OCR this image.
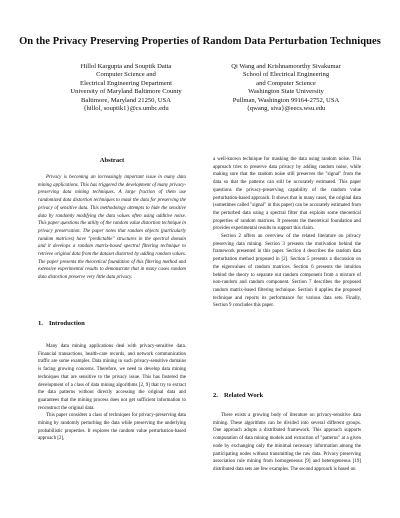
On the Privacy Preserving Properties of Random Data Perturbation Techniques
Hillol Kargupta and Souptik Datta
Computer Science and
Electrical Engineering Department
University of Maryland Baltimore County
Baltimore, Maryland 21250, USA
{hillol, souptik1}@cs.umbc.edu
Qi Wang and Krishnamoorthy Sivakumar
School of Electrical Engineering
and Computer Science
Washington State University
Pullman, Washington 99164-2752, USA
{qwang, siva}@eecs.wsu.edu
Abstract

Privacy is becoming an increasingly important issue in many data mining applications. This has triggered the development of many privacy-preserving data mining techniques. A large fraction of them use randomized data distortion techniques to mask the data for preserving the privacy of sensitive data. This methodology attempts to hide the sensitive data by randomly modifying the data values often using additive noise. This paper questions the utility of the random value distortion technique in privacy preservation. The paper notes that random objects (particularly random matrices) have "predictable" structures in the spectral domain and it develops a random matrix-based spectral filtering technique to retrieve original data from the dataset distorted by adding random values. The paper presents the theoretical foundation of this filtering method and extensive experimental results to demonstrate that in many cases random data distortion preserve very little data privacy.

1. Introduction

Many data mining applications deal with privacy-sensitive data. Financial transactions, health-care records, and network communication traffic are some examples. Data mining in such privacy-sensitive domains is facing growing concerns. Therefore, we need to develop data mining techniques that are sensitive to the privacy issue. This has fostered the development of a class of data mining algorithms [2, 9] that try to extract the data patterns without directly accessing the original data and guarantees that the mining process does not get sufficient information to reconstruct the original data.

This paper considers a class of techniques for privacy-preserving data mining by randomly perturbing the data while preserving the underlying probabilistic properties. It explores the random value perturbation-based approach [2],

a well-known technique for masking the data using random noise. This approach tries to preserve data privacy by adding random noise, while making sure that the random noise still preserves the "signal" from the data so that the patterns can still be accurately estimated. This paper questions the privacy-preserving capability of the random value perturbation-based approach. It shows that in many cases, the original data (sometimes called "signal" in this paper) can be accurately estimated from the perturbed data using a spectral filter that exploits some theoretical properties of random matrices. It presents the theoretical foundation and provides experimental results to support this claim.

Section 2 offers an overview of the related literature on privacy preserving data mining. Section 3 presents the motivation behind the framework presented in this paper. Section 4 describes the random data perturbation method proposed in [2]. Section 5 presents a discussion on the eigenvalues of random matrices. Section 6 presents the intuition behind the theory to separate out random component from a mixture of non-random and random component. Section 7 describes the proposed random matrix-based filtering technique. Section 8 applies the proposed technique and reports its performance for various data sets. Finally, Section 9 concludes this paper.

2. Related Work

There exists a growing body of literature on privacy-sensitive data mining. These algorithms can be divided into several different groups. One approach adopts a distributed framework. This approach supports computation of data mining models and extraction of "patterns" at a given node by exchanging only the minimal necessary information among the participating nodes without transmitting the raw data. Privacy preserving association rule mining from homogeneous [9] and heterogeneous [19] distributed data sets are few examples. The second approach is based on
